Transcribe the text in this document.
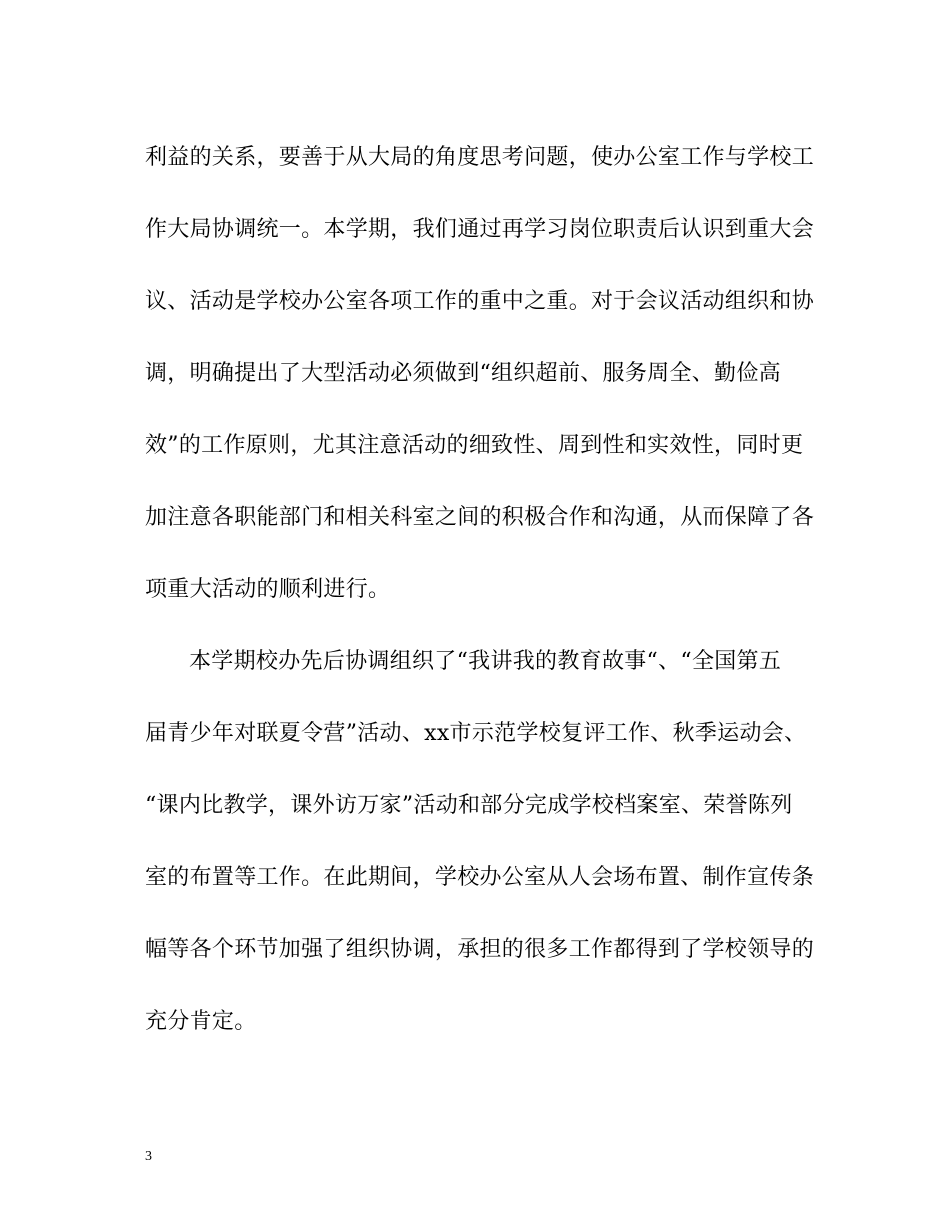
利益的关系，要善于从大局的角度思考问题，使办公室工作与学校工
作大局协调统一。本学期，我们通过再学习岗位职责后认识到重大会
议、活动是学校办公室各项工作的重中之重。对于会议活动组织和协
调，明确提出了大型活动必须做到“组织超前、服务周全、勤俭高
效”的工作原则，尤其注意活动的细致性、周到性和实效性，同时更
加注意各职能部门和相关科室之间的积极合作和沟通，从而保障了各
项重大活动的顺利进行。
本学期校办先后协调组织了“我讲我的教育故事“、“全国第五
届青少年对联夏令营”活动、xx市示范学校复评工作、秋季运动会、
“课内比教学，课外访万家”活动和部分完成学校档案室、荣誉陈列
室的布置等工作。在此期间，学校办公室从人会场布置、制作宣传条
幅等各个环节加强了组织协调，承担的很多工作都得到了学校领导的
充分肯定。
3
